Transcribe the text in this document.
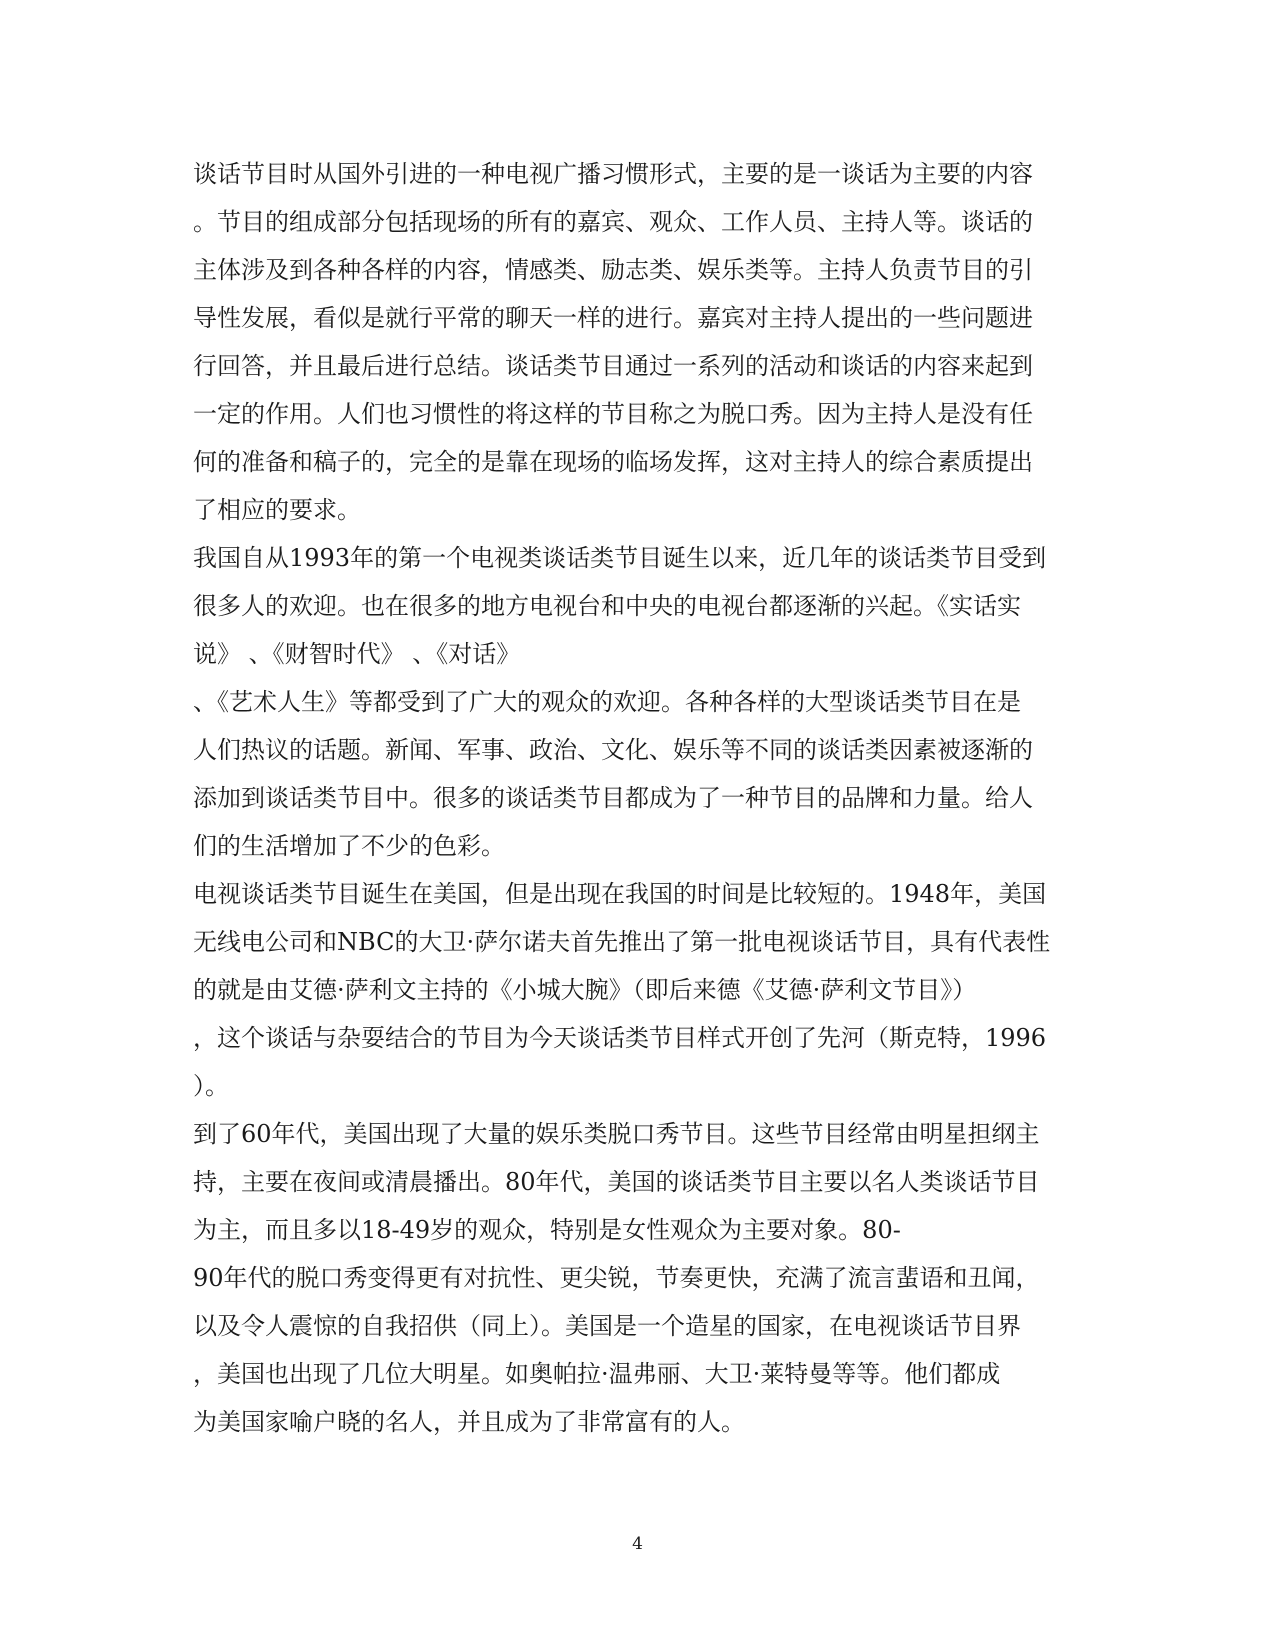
谈话节目时从国外引进的一种电视广播习惯形式，主要的是一谈话为主要的内容
。节目的组成部分包括现场的所有的嘉宾、观众、工作人员、主持人等。谈话的
主体涉及到各种各样的内容，情感类、励志类、娱乐类等。主持人负责节目的引
导性发展，看似是就行平常的聊天一样的进行。嘉宾对主持人提出的一些问题进
行回答，并且最后进行总结。谈话类节目通过一系列的活动和谈话的内容来起到
一定的作用。人们也习惯性的将这样的节目称之为脱口秀。因为主持人是没有任
何的准备和稿子的，完全的是靠在现场的临场发挥，这对主持人的综合素质提出
了相应的要求。
我国自从1993年的第一个电视类谈话类节目诞生以来，近几年的谈话类节目受到
很多人的欢迎。也在很多的地方电视台和中央的电视台都逐渐的兴起。《实话实
说》 、《财智时代》 、《对话》
、《艺术人生》等都受到了广大的观众的欢迎。各种各样的大型谈话类节目在是
人们热议的话题。新闻、军事、政治、文化、娱乐等不同的谈话类因素被逐渐的
添加到谈话类节目中。很多的谈话类节目都成为了一种节目的品牌和力量。给人
们的生活增加了不少的色彩。
电视谈话类节目诞生在美国，但是出现在我国的时间是比较短的。1948年，美国
无线电公司和NBC的大卫·萨尔诺夫首先推出了第一批电视谈话节目，具有代表性
的就是由艾德·萨利文主持的《小城大腕》（即后来德《艾德·萨利文节目》）
，这个谈话与杂耍结合的节目为今天谈话类节目样式开创了先河（斯克特，1996
）。
到了60年代，美国出现了大量的娱乐类脱口秀节目。这些节目经常由明星担纲主
持，主要在夜间或清晨播出。80年代，美国的谈话类节目主要以名人类谈话节目
为主，而且多以18-49岁的观众，特别是女性观众为主要对象。80-
90年代的脱口秀变得更有对抗性、更尖锐，节奏更快，充满了流言蜚语和丑闻，
以及令人震惊的自我招供（同上）。美国是一个造星的国家，在电视谈话节目界
，美国也出现了几位大明星。如奥帕拉·温弗丽、大卫·莱特曼等等。他们都成
为美国家喻户晓的名人，并且成为了非常富有的人。
4
